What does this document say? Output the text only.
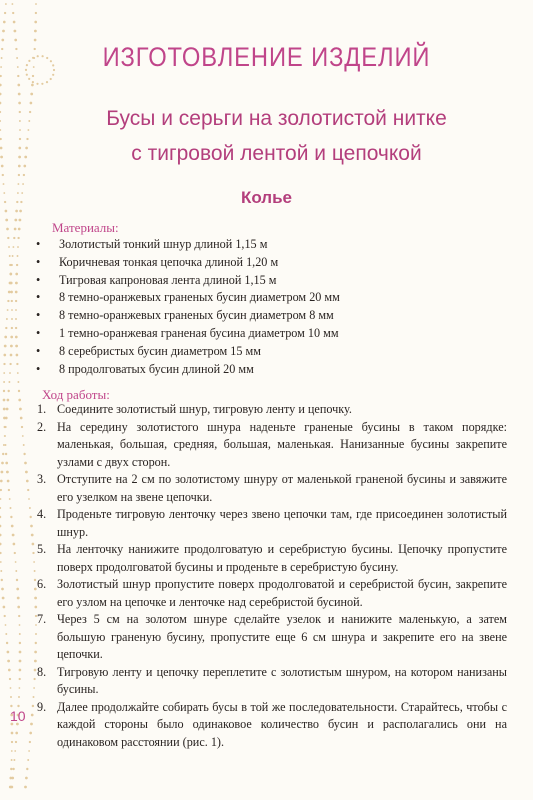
ИЗГОТОВЛЕНИЕ ИЗДЕЛИЙ
Бусы и серьги на золотистой нитке
с тигровой лентой и цепочкой
Колье
Материалы:
• Золотистый тонкий шнур длиной 1,15 м
• Коричневая тонкая цепочка длиной 1,20 м
• Тигровая капроновая лента длиной 1,15 м
• 8 темно-оранжевых граненых бусин диаметром 20 мм
• 8 темно-оранжевых граненых бусин диаметром 8 мм
• 1 темно-оранжевая граненая бусина диаметром 10 мм
• 8 серебристых бусин диаметром 15 мм
• 8 продолговатых бусин длиной 20 мм
Ход работы:
1. Соедините золотистый шнур, тигровую ленту и цепочку.
2. На середину золотистого шнура наденьте граненые бусины в таком порядке: маленькая, большая, средняя, большая, маленькая. Нанизанные бусины закрепите узлами с двух сторон.
3. Отступите на 2 см по золотистому шнуру от маленькой граненой бусины и завяжите его узелком на звене цепочки.
4. Проденьте тигровую ленточку через звено цепочки там, где присоединен золотистый шнур.
5. На ленточку нанижите продолговатую и серебристую бусины. Цепочку пропустите поверх продолговатой бусины и проденьте в серебристую бусину.
6. Золотистый шнур пропустите поверх продолговатой и серебристой бусин, закрепите его узлом на цепочке и ленточке над серебристой бусиной.
7. Через 5 см на золотом шнуре сделайте узелок и нанижите маленькую, а затем большую граненую бусину, пропустите еще 6 см шнура и закрепите его на звене цепочки.
8. Тигровую ленту и цепочку переплетите с золотистым шнуром, на котором нанизаны бусины.
9. Далее продолжайте собирать бусы в той же последовательности. Старайтесь, чтобы с каждой стороны было одинаковое количество бусин и располагались они на одинаковом расстоянии (рис. 1).
10
